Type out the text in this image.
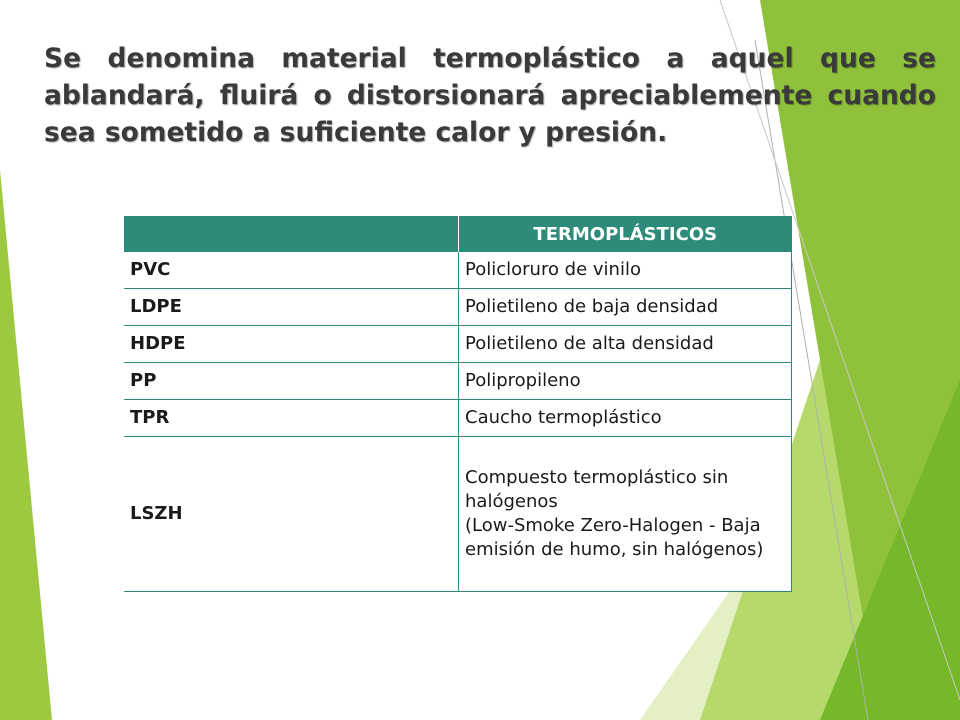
Se denomina material termoplástico a aquel que se ablandará, fluirá o distorsionará apreciablemente cuando sea sometido a suficiente calor y presión.

	TERMOPLÁSTICOS
PVC	Policloruro de vinilo
LDPE	Polietileno de baja densidad
HDPE	Polietileno de alta densidad
PP	Polipropileno
TPR	Caucho termoplástico
LSZH	Compuesto termoplástico sin halógenos
(Low-Smoke Zero-Halogen - Baja emisión de humo, sin halógenos)
